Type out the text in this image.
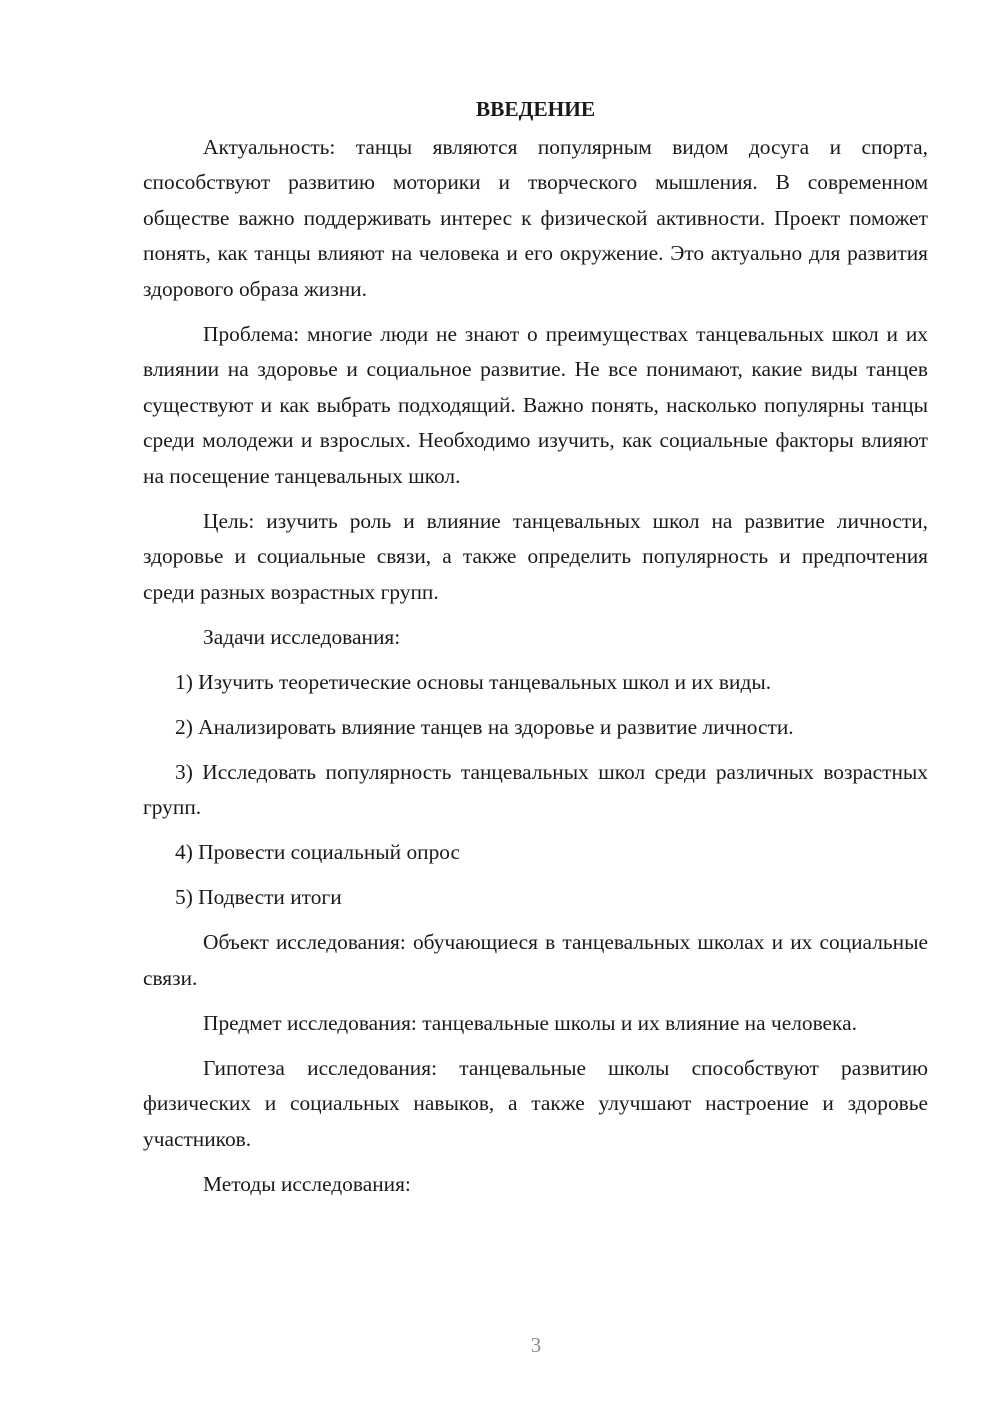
ВВЕДЕНИЕ

Актуальность: танцы являются популярным видом досуга и спорта, способствуют развитию моторики и творческого мышления. В современном обществе важно поддерживать интерес к физической активности. Проект поможет понять, как танцы влияют на человека и его окружение. Это актуально для развития здорового образа жизни.

Проблема: многие люди не знают о преимуществах танцевальных школ и их влиянии на здоровье и социальное развитие. Не все понимают, какие виды танцев существуют и как выбрать подходящий. Важно понять, насколько популярны танцы среди молодежи и взрослых. Необходимо изучить, как социальные факторы влияют на посещение танцевальных школ.

Цель: изучить роль и влияние танцевальных школ на развитие личности, здоровье и социальные связи, а также определить популярность и предпочтения среди разных возрастных групп.

Задачи исследования:

1) Изучить теоретические основы танцевальных школ и их виды.

2) Анализировать влияние танцев на здоровье и развитие личности.

3) Исследовать популярность танцевальных школ среди различных возрастных групп.

4) Провести социальный опрос

5) Подвести итоги

Объект исследования: обучающиеся в танцевальных школах и их социальные связи.

Предмет исследования: танцевальные школы и их влияние на человека.

Гипотеза исследования: танцевальные школы способствуют развитию физических и социальных навыков, а также улучшают настроение и здоровье участников.

Методы исследования:

3
